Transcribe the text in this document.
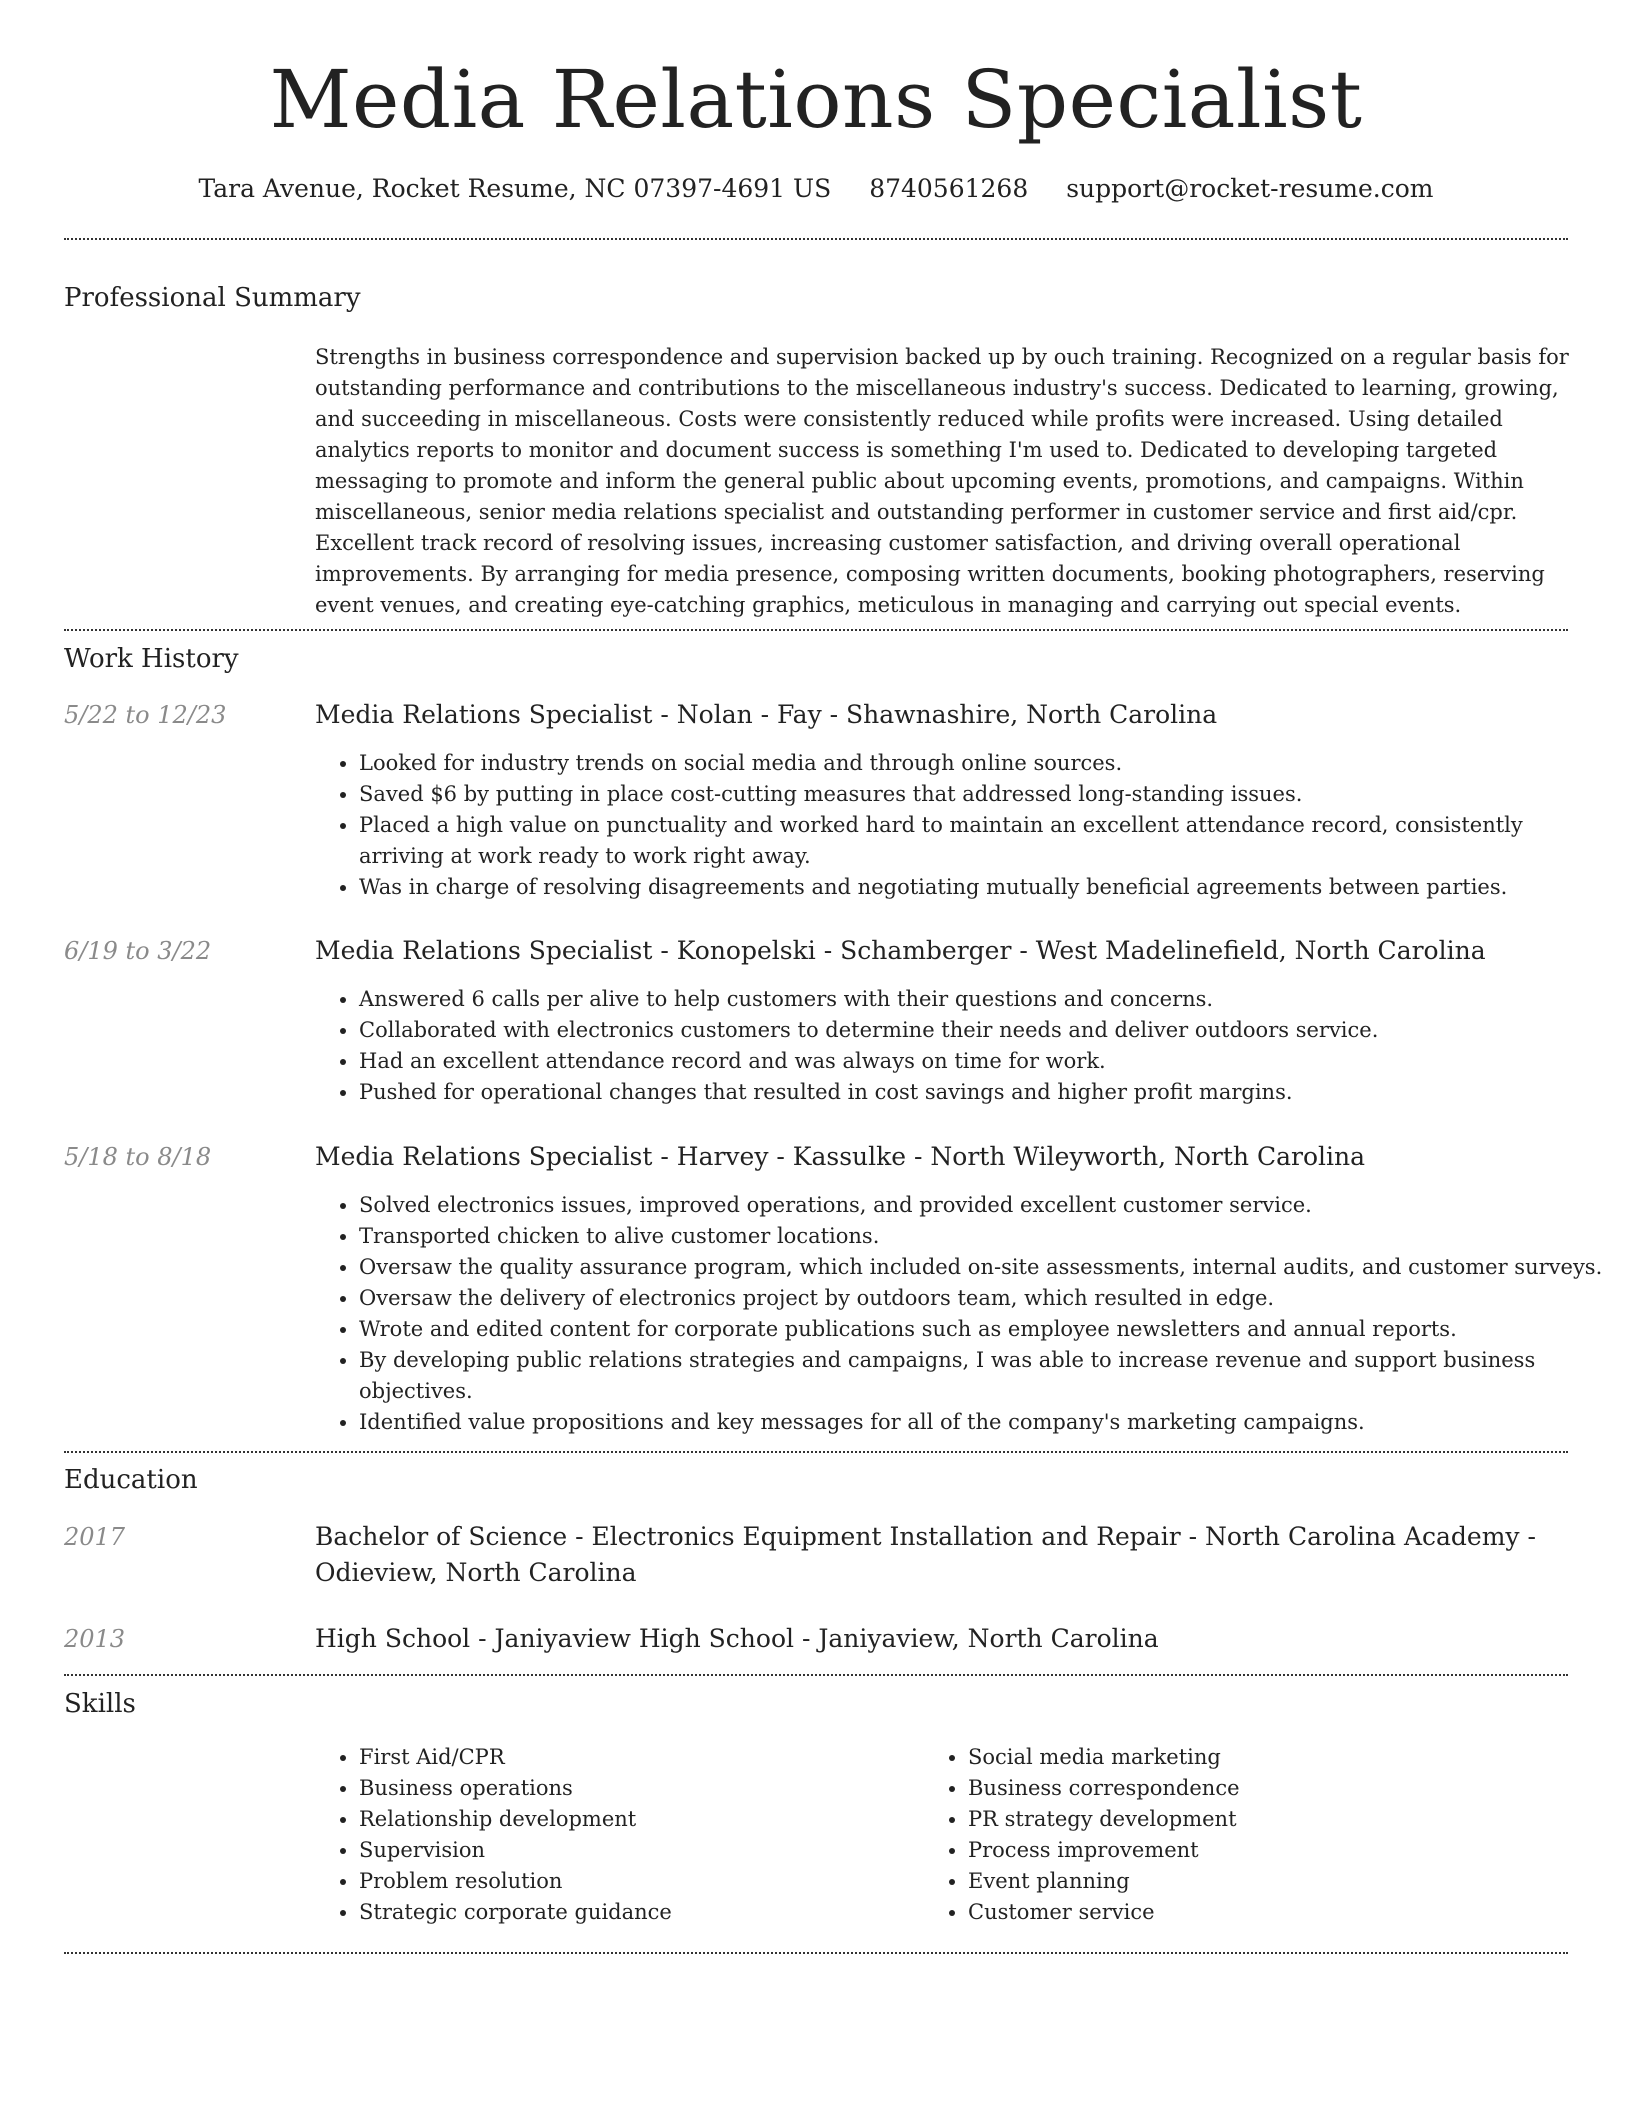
Media Relations Specialist
Tara Avenue, Rocket Resume, NC 07397-4691 US 8740561268 support@rocket-resume.com
Professional Summary

Strengths in business correspondence and supervision backed up by ouch training. Recognized on a regular basis for outstanding performance and contributions to the miscellaneous industry's success. Dedicated to learning, growing, and succeeding in miscellaneous. Costs were consistently reduced while profits were increased. Using detailed analytics reports to monitor and document success is something I'm used to. Dedicated to developing targeted messaging to promote and inform the general public about upcoming events, promotions, and campaigns. Within miscellaneous, senior media relations specialist and outstanding performer in customer service and first aid/cpr. Excellent track record of resolving issues, increasing customer satisfaction, and driving overall operational improvements. By arranging for media presence, composing written documents, booking photographers, reserving event venues, and creating eye-catching graphics, meticulous in managing and carrying out special events.

Work History
5/22 to 12/23	Media Relations Specialist - Nolan - Fay - Shawnashire, North Carolina
• Looked for industry trends on social media and through online sources.
• Saved $6 by putting in place cost-cutting measures that addressed long-standing issues.
• Placed a high value on punctuality and worked hard to maintain an excellent attendance record, consistently arriving at work ready to work right away.
• Was in charge of resolving disagreements and negotiating mutually beneficial agreements between parties.
6/19 to 3/22	Media Relations Specialist - Konopelski - Schamberger - West Madelinefield, North Carolina
• Answered 6 calls per alive to help customers with their questions and concerns.
• Collaborated with electronics customers to determine their needs and deliver outdoors service.
• Had an excellent attendance record and was always on time for work.
• Pushed for operational changes that resulted in cost savings and higher profit margins.
5/18 to 8/18	Media Relations Specialist - Harvey - Kassulke - North Wileyworth, North Carolina
• Solved electronics issues, improved operations, and provided excellent customer service.
• Transported chicken to alive customer locations.
• Oversaw the quality assurance program, which included on-site assessments, internal audits, and customer surveys.
• Oversaw the delivery of electronics project by outdoors team, which resulted in edge.
• Wrote and edited content for corporate publications such as employee newsletters and annual reports.
• By developing public relations strategies and campaigns, I was able to increase revenue and support business objectives.
• Identified value propositions and key messages for all of the company's marketing campaigns.
Education
2017	Bachelor of Science - Electronics Equipment Installation and Repair - North Carolina Academy - Odieview, North Carolina
2013	High School - Janiyaview High School - Janiyaview, North Carolina
Skills
• First Aid/CPR
• Business operations
• Relationship development
• Supervision
• Problem resolution
• Strategic corporate guidance
• Social media marketing
• Business correspondence
• PR strategy development
• Process improvement
• Event planning
• Customer service
